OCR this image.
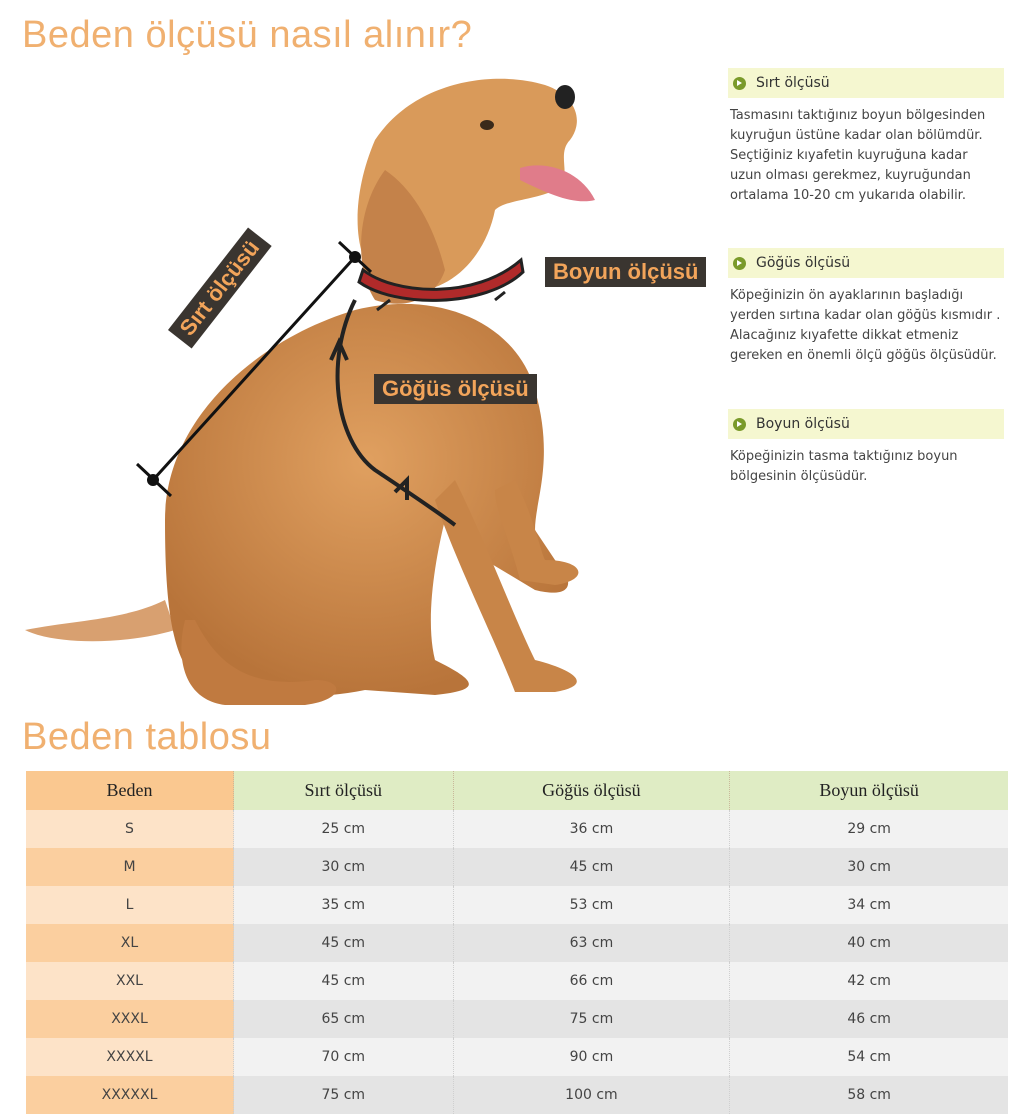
Beden ölçüsü nasıl alınır?
Boyun ölçüsü
Göğüs ölçüsü
Sırt ölçüsü
Sırt ölçüsü

Tasmasını taktığınız boyun bölgesinden kuyruğun üstüne kadar olan bölümdür. Seçtiğiniz kıyafetin kuyruğuna kadar uzun olması gerekmez, kuyruğundan ortalama 10-20 cm yukarıda olabilir.

Göğüs ölçüsü

Köpeğinizin ön ayaklarının başladığı yerden sırtına kadar olan göğüs kısmıdır . Alacağınız kıyafette dikkat etmeniz gereken en önemli ölçü göğüs ölçüsüdür.

Boyun ölçüsü

Köpeğinizin tasma taktığınız boyun bölgesinin ölçüsüdür.

Beden tablosu
Beden	Sırt ölçüsü	Göğüs ölçüsü	Boyun ölçüsü
S	25 cm	36 cm	29 cm
M	30 cm	45 cm	30 cm
L	35 cm	53 cm	34 cm
XL	45 cm	63 cm	40 cm
XXL	45 cm	66 cm	42 cm
XXXL	65 cm	75 cm	46 cm
XXXXL	70 cm	90 cm	54 cm
XXXXXL	75 cm	100 cm	58 cm
